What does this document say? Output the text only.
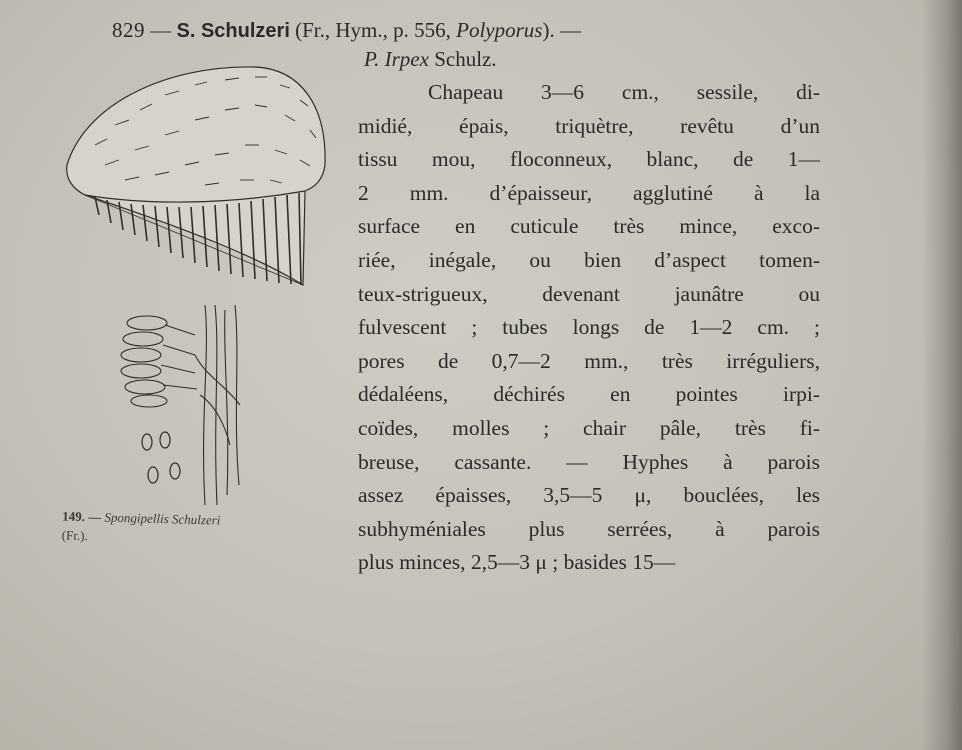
829 — S. Schulzeri (Fr., Hym., p. 556, Polyporus). —
P. Irpex Schulz.
Chapeau 3—6 cm., sessile, di-
midié, épais, triquètre, revêtu d’un
tissu mou, floconneux, blanc, de 1—
2 mm. d’épaisseur, agglutiné à la
surface en cuticule très mince, exco-
riée, inégale, ou bien d’aspect tomen-
teux-strigueux, devenant jaunâtre ou
fulvescent ; tubes longs de 1—2 cm. ;
pores de 0,7—2 mm., très irréguliers,
dédaléens, déchirés en pointes irpi-
coïdes, molles ; chair pâle, très fi-
breuse, cassante. — Hyphes à parois
assez épaisses, 3,5—5 μ, bouclées, les
subhyméniales plus serrées, à parois
plus minces, 2,5—3 μ ; basides 15—
149. — Spongipellis Schulzeri
(Fr.).
